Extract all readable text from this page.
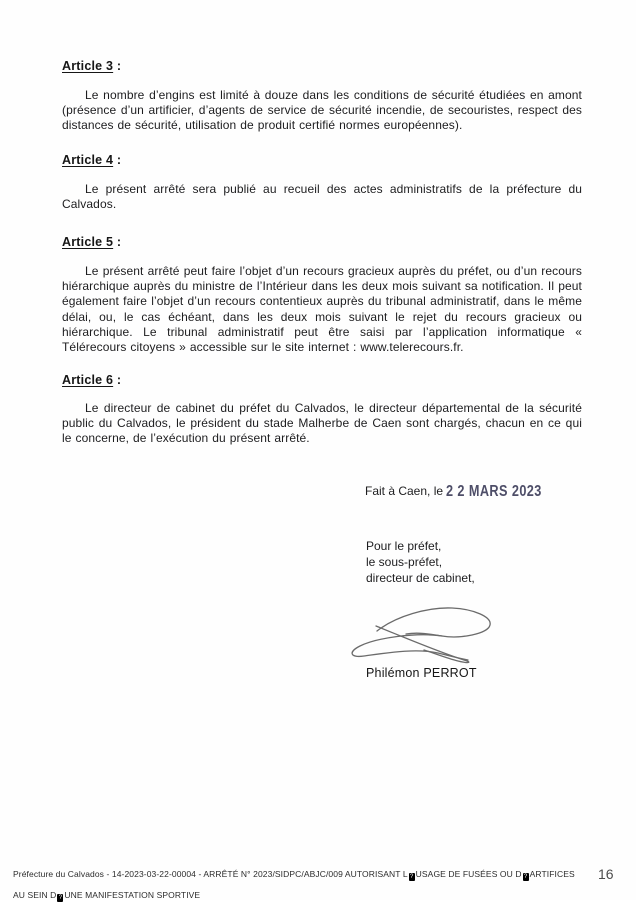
Article 3 :
Le nombre d’engins est limité à douze dans les conditions de sécurité étudiées en amont (présence d’un artificier, d’agents de service de sécurité incendie, de secouristes, respect des distances de sécurité, utilisation de produit certifié normes européennes).
Article 4 :
Le présent arrêté sera publié au recueil des actes administratifs de la préfecture du Calvados.
Article 5 :
Le présent arrêté peut faire l’objet d’un recours gracieux auprès du préfet, ou d’un recours hiérarchique auprès du ministre de l’Intérieur dans les deux mois suivant sa notification. Il peut également faire l’objet d’un recours contentieux auprès du tribunal administratif, dans le même délai, ou, le cas échéant, dans les deux mois suivant le rejet du recours gracieux ou hiérarchique. Le tribunal administratif peut être saisi par l’application informatique « Télérecours citoyens » accessible sur le site internet : www.telerecours.fr.
Article 6 :
Le directeur de cabinet du préfet du Calvados, le directeur départemental de la sécurité public du Calvados, le président du stade Malherbe de Caen sont chargés, chacun en ce qui le concerne, de l’exécution du présent arrêté.
Fait à Caen, le 2 2 MARS 2023
Pour le préfet,
le sous-préfet,
directeur de cabinet,
Philémon PERROT
Préfecture du Calvados - 14-2023-03-22-00004 - ARRÊTÉ N° 2023/SIDPC/ABJC/009 AUTORISANT L ? USAGE DE FUSÉES OU D ? ARTIFICES
AU SEIN D ? UNE MANIFESTATION SPORTIVE
16
